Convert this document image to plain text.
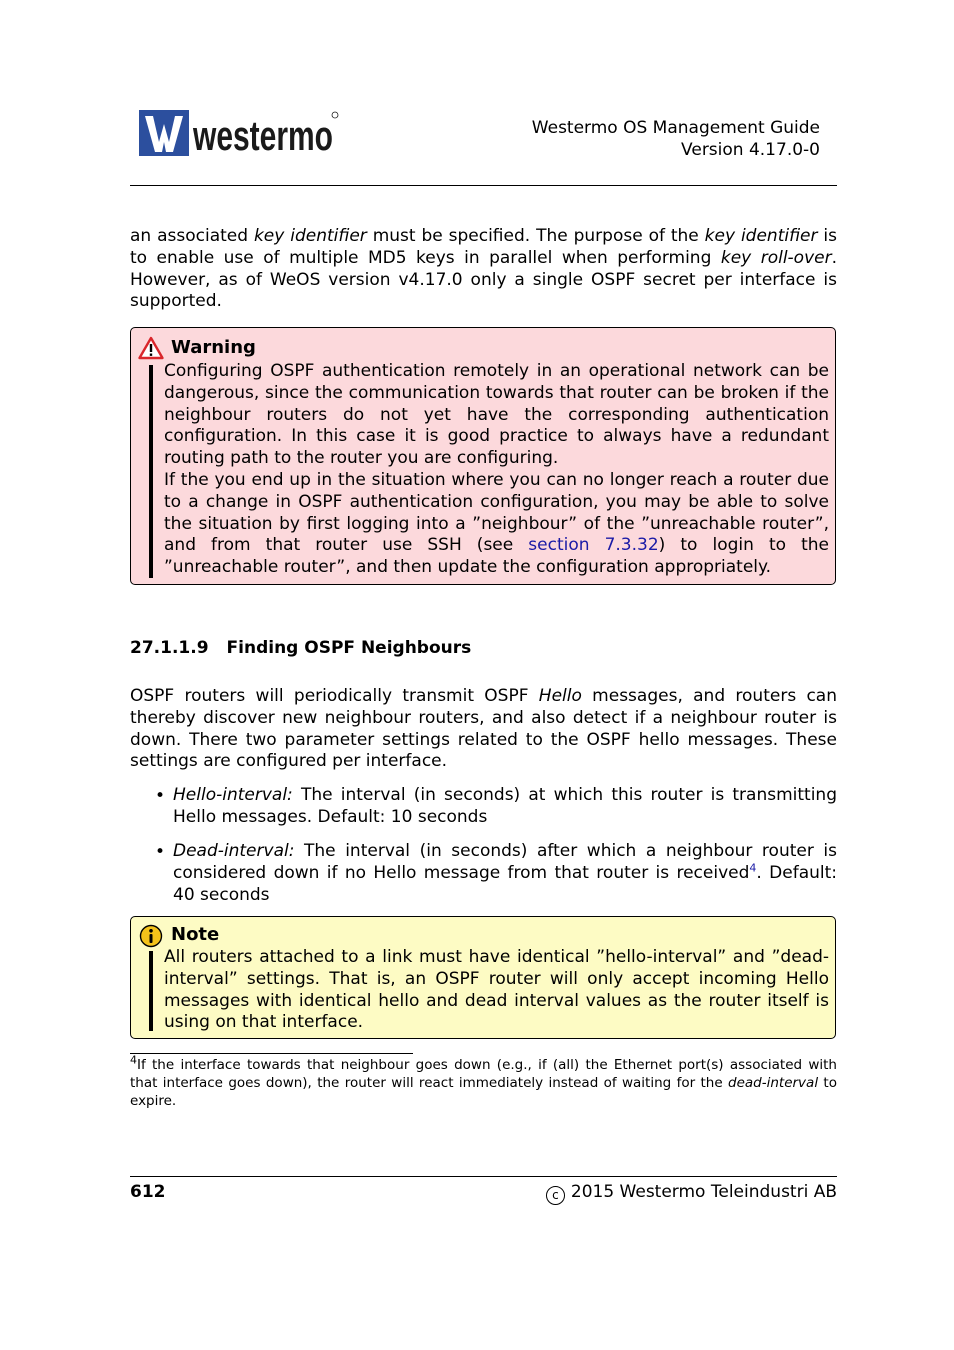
westermo	Westermo OS Management Guide
Version 4.17.0-0
an associated key identifier must be specified. The purpose of the key identifier is to enable use of multiple MD5 keys in parallel when performing key roll-over. However, as of WeOS version v4.17.0 only a single OSPF secret per interface is supported.
Warning
Configuring OSPF authentication remotely in an operational network can be dangerous, since the communication towards that router can be broken if the neighbour routers do not yet have the corresponding authentication configuration. In this case it is good practice to always have a redundant routing path to the router you are configuring.
If the you end up in the situation where you can no longer reach a router due to a change in OSPF authentication configuration, you may be able to solve the situation by first logging into a ”neighbour” of the ”unreachable router”, and from that router use SSH (see section 7.3.32) to login to the ”unreachable router”, and then update the configuration appropriately.
27.1.1.9 Finding OSPF Neighbours
OSPF routers will periodically transmit OSPF Hello messages, and routers can thereby discover new neighbour routers, and also detect if a neighbour router is down. There two parameter settings related to the OSPF hello messages. These settings are configured per interface.
• Hello-interval: The interval (in seconds) at which this router is transmitting Hello messages. Default: 10 seconds
• Dead-interval: The interval (in seconds) after which a neighbour router is considered down if no Hello message from that router is received$^4$. Default: 40 seconds
Note
All routers attached to a link must have identical ”hello-interval” and ”dead-interval” settings. That is, an OSPF router will only accept incoming Hello messages with identical hello and dead interval values as the router itself is using on that interface.
$^4$If the interface towards that neighbour goes down (e.g., if (all) the Ethernet port(s) associated with that interface goes down), the router will react immediately instead of waiting for the dead-interval to expire.
612	c 2015 Westermo Teleindustri AB
